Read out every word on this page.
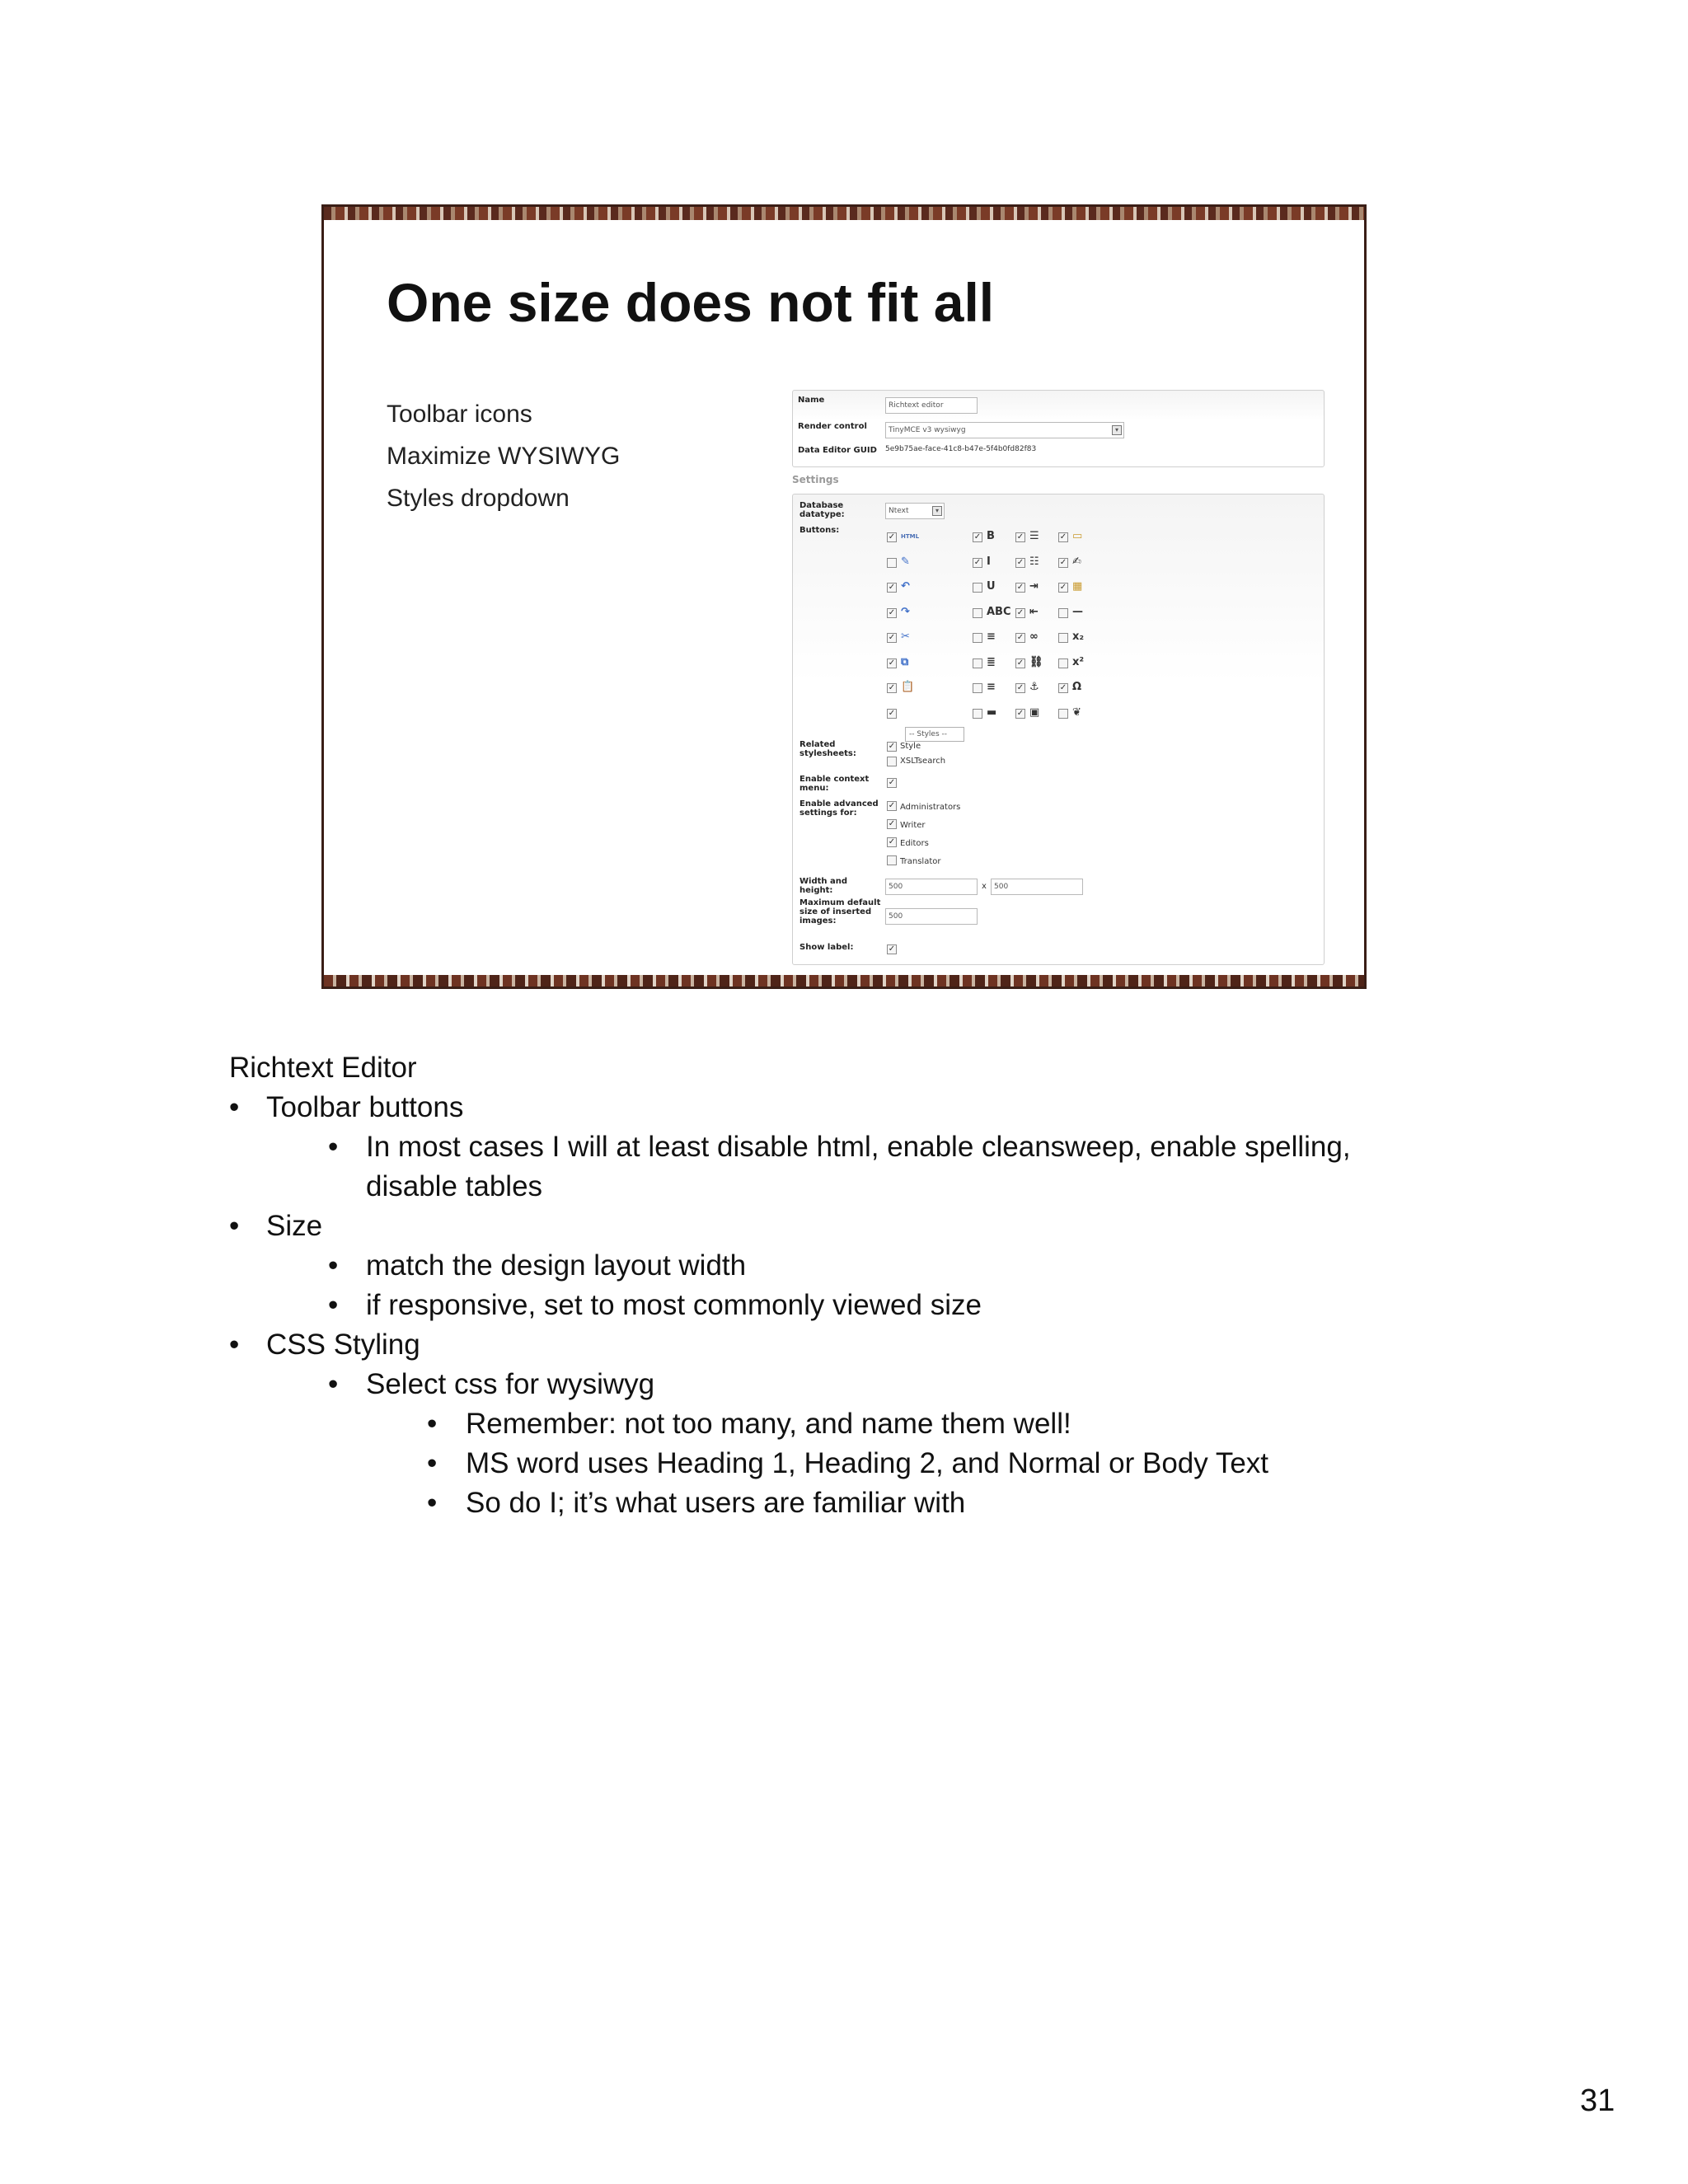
One size does not fit all
Toolbar icons
Maximize WYSIWYG
Styles dropdown
Name
Richtext editor
Render control	TinyMCE v3 wysiwyg	▾
Data Editor GUID 5e9b75ae-face-41c8-b47e-5f4b0fd82f83
Settings
Database datatype:	Ntext	▾
Buttons:
✓ HTML
✎
✓ ↶
✓ ↷
✓ ✂
✓ ⧉
✓ 📋
✓
✓ B
✓ I
U
ABC
≡
≣
≡
▬
✓ ☰
✓ ☷
✓ ⇥
✓ ⇤
✓ ∞
✓ ⛓
✓ ⚓
✓ ▣
✓ ▭
✓ ✍
✓ ▦
—
x₂
x²
✓ Ω
❦
-- Styles --
Related stylesheets:
✓ Style
XSLTsearch
Enable context menu:
✓
Enable advanced settings for:
✓ Administrators
✓ Writer
✓ Editors
Translator
Width and height:	500	x	500
Maximum default size of inserted images:	500
Show label:	✓
Richtext Editor
• Toolbar buttons
• In most cases I will at least disable html, enable cleansweep, enable spelling,
disable tables
• Size
• match the design layout width
• if responsive, set to most commonly viewed size
• CSS Styling
• Select css for wysiwyg
• Remember: not too many, and name them well!
• MS word uses Heading 1, Heading 2, and Normal or Body Text
• So do I; it’s what users are familiar with
31
